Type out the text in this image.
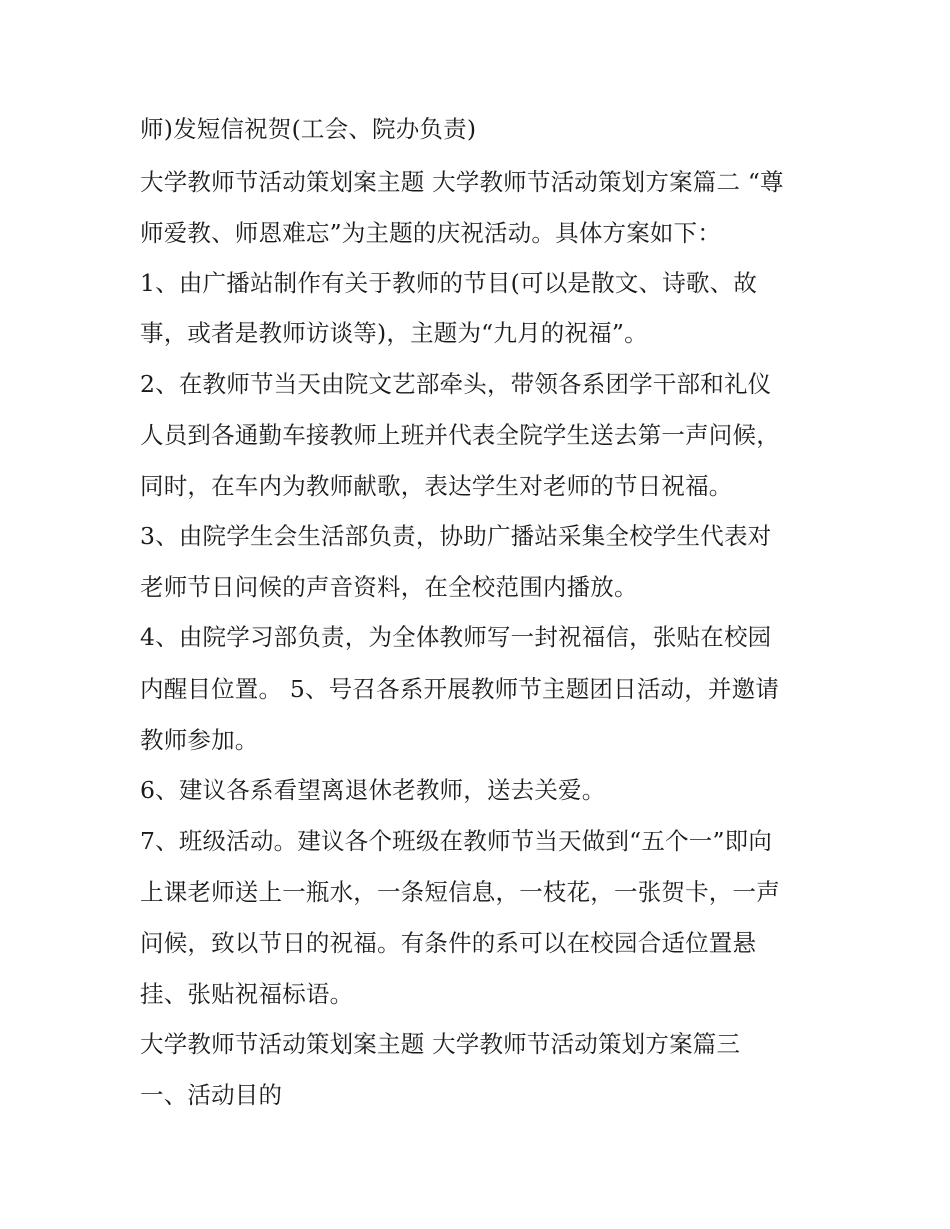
师)发短信祝贺(工会、院办负责)
大学教师节活动策划案主题 大学教师节活动策划方案篇二 “尊
师爱教、师恩难忘”为主题的庆祝活动。具体方案如下：
1、由广播站制作有关于教师的节目(可以是散文、诗歌、故
事，或者是教师访谈等)，主题为“九月的祝福”。
2、在教师节当天由院文艺部牵头，带领各系团学干部和礼仪
人员到各通勤车接教师上班并代表全院学生送去第一声问候，
同时，在车内为教师献歌，表达学生对老师的节日祝福。
3、由院学生会生活部负责，协助广播站采集全校学生代表对
老师节日问候的声音资料，在全校范围内播放。
4、由院学习部负责，为全体教师写一封祝福信，张贴在校园
内醒目位置。 5、号召各系开展教师节主题团日活动，并邀请
教师参加。
6、建议各系看望离退休老教师，送去关爱。
7、班级活动。建议各个班级在教师节当天做到“五个一”即向
上课老师送上一瓶水，一条短信息，一枝花，一张贺卡，一声
问候，致以节日的祝福。有条件的系可以在校园合适位置悬
挂、张贴祝福标语。
大学教师节活动策划案主题 大学教师节活动策划方案篇三
一、活动目的
